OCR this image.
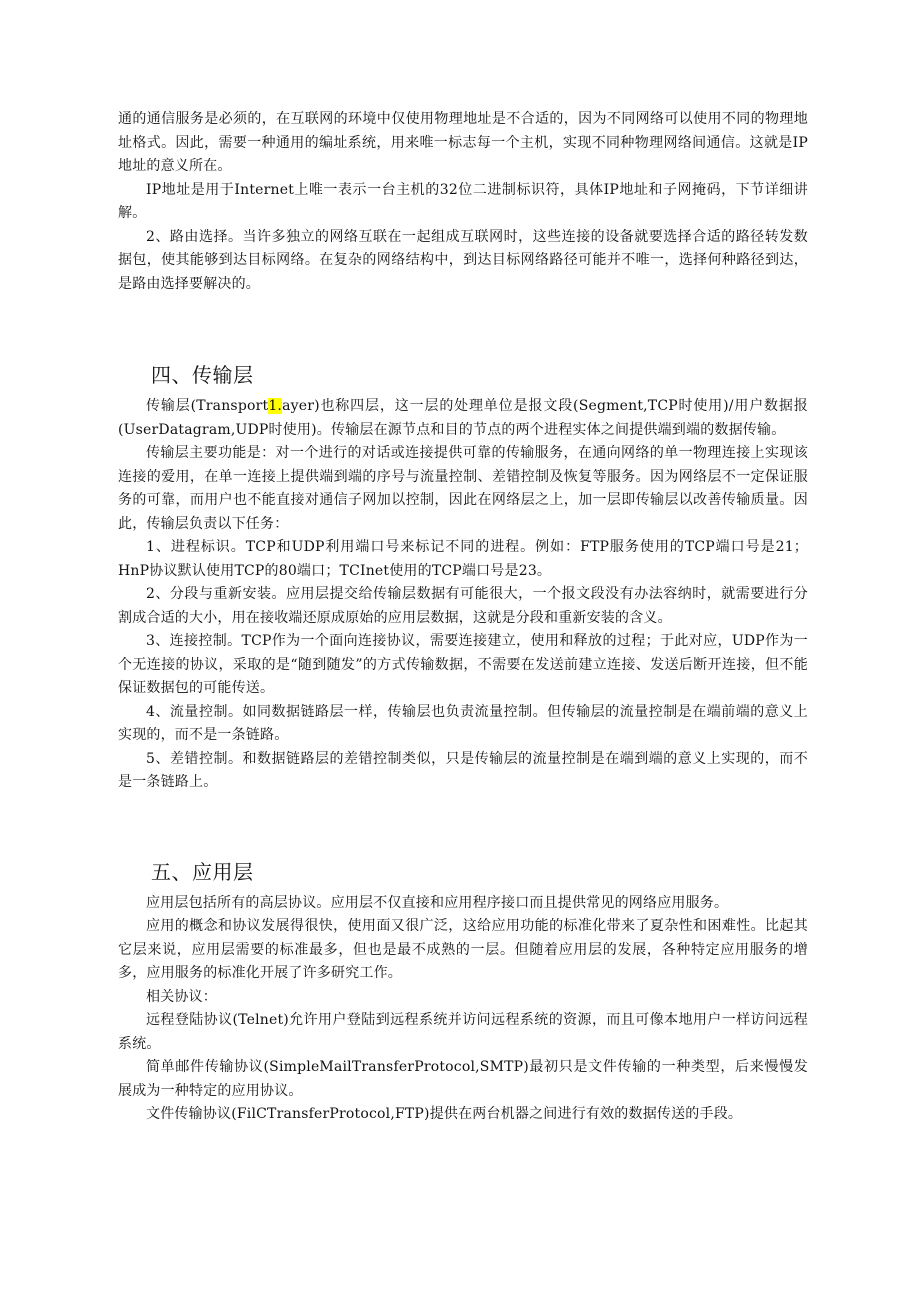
通的通信服务是必须的，在互联网的环境中仅使用物理地址是不合适的，因为不同网络可以使用不同的物理地址格式。因此，需要一种通用的编址系统，用来唯一标志每一个主机，实现不同种物理网络间通信。这就是IP地址的意义所在。

IP地址是用于Internet上唯一表示一台主机的32位二进制标识符，具体IP地址和子网掩码，下节详细讲解。

2、路由选择。当许多独立的网络互联在一起组成互联网时，这些连接的设备就要选择合适的路径转发数据包，使其能够到达目标网络。在复杂的网络结构中，到达目标网络路径可能并不唯一，选择何种路径到达，是路由选择要解决的。

四、传输层

传输层(Transport1.ayer)也称四层，这一层的处理单位是报文段(Segment,TCP时使用)/用户数据报(UserDatagram,UDP时使用)。传输层在源节点和目的节点的两个进程实体之间提供端到端的数据传输。

传输层主要功能是：对一个进行的对话或连接提供可靠的传输服务，在通向网络的单一物理连接上实现该连接的爱用，在单一连接上提供端到端的序号与流量控制、差错控制及恢复等服务。因为网络层不一定保证服务的可靠，而用户也不能直接对通信子网加以控制，因此在网络层之上，加一层即传输层以改善传输质量。因此，传输层负责以下任务：

1、进程标识。TCP和UDP利用端口号来标记不同的进程。例如：FTP服务使用的TCP端口号是21；HnP协议默认使用TCP的80端口；TCInet使用的TCP端口号是23。

2、分段与重新安装。应用层提交给传输层数据有可能很大，一个报文段没有办法容纳时，就需要进行分割成合适的大小，用在接收端还原成原始的应用层数据，这就是分段和重新安装的含义。

3、连接控制。TCP作为一个面向连接协议，需要连接建立，使用和释放的过程；于此对应，UDP作为一个无连接的协议，采取的是“随到随发”的方式传输数据，不需要在发送前建立连接、发送后断开连接，但不能保证数据包的可能传送。

4、流量控制。如同数据链路层一样，传输层也负责流量控制。但传输层的流量控制是在端前端的意义上实现的，而不是一条链路。

5、差错控制。和数据链路层的差错控制类似，只是传输层的流量控制是在端到端的意义上实现的，而不是一条链路上。

五、应用层

应用层包括所有的高层协议。应用层不仅直接和应用程序接口而且提供常见的网络应用服务。

应用的概念和协议发展得很快，使用面又很广泛，这给应用功能的标准化带来了夏杂性和困难性。比起其它层来说，应用层需要的标准最多，但也是最不成熟的一层。但随着应用层的发展，各种特定应用服务的增多，应用服务的标准化开展了许多研究工作。

相关协议：

远程登陆协议(Telnet)允许用户登陆到远程系统并访问远程系统的资源，而且可像本地用户一样访问远程系统。

简单邮件传输协议(SimpleMailTransferProtocol,SMTP)最初只是文件传输的一种类型，后来慢慢发展成为一种特定的应用协议。

文件传输协议(FilCTransferProtocol,FTP)提供在两台机器之间进行有效的数据传送的手段。
